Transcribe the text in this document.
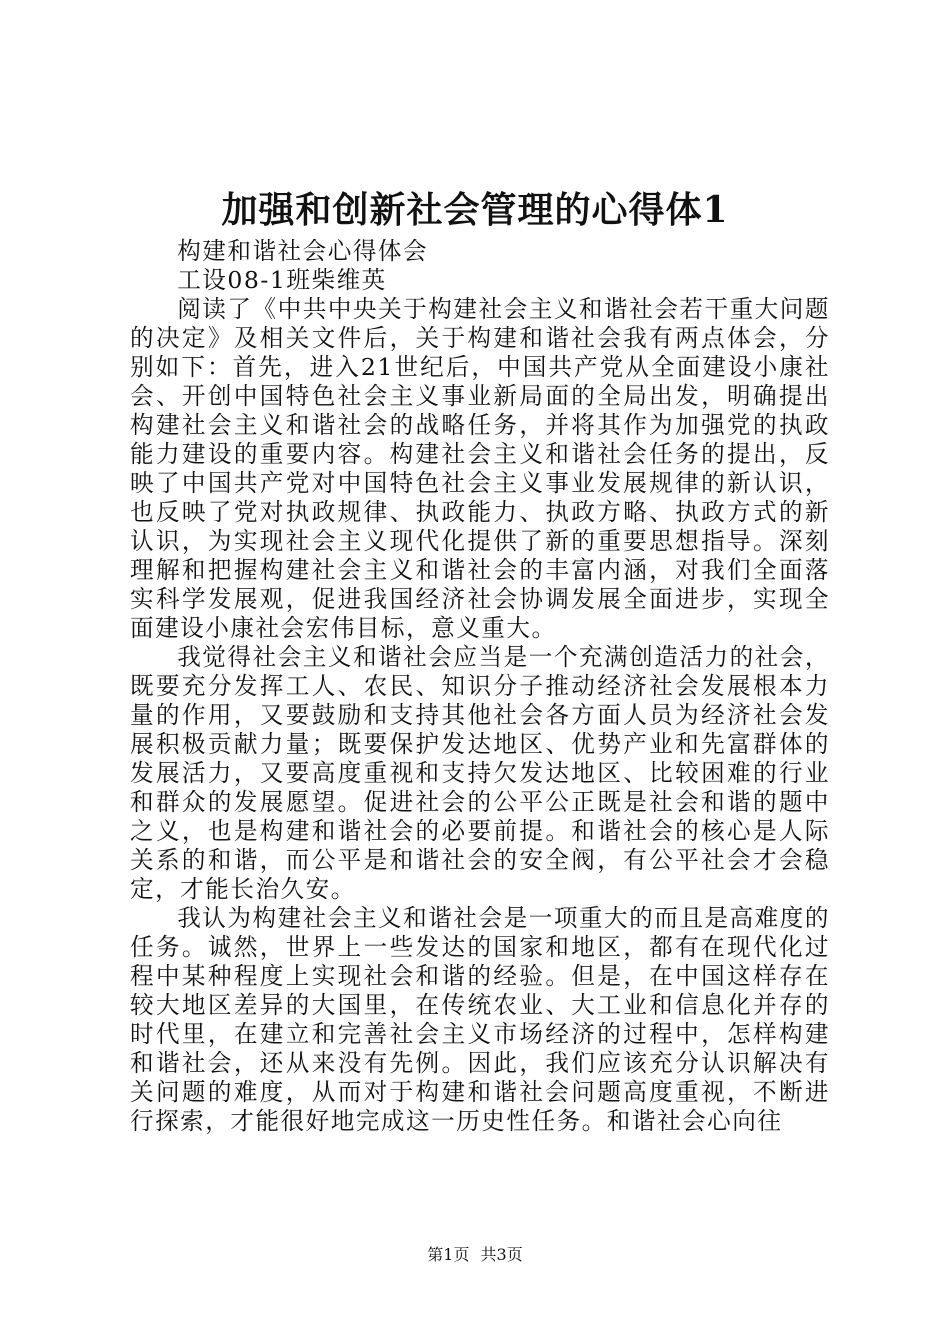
加强和创新社会管理的心得体1

构建和谐社会心得体会

工设08-1班柴维英

阅读了《中共中央关于构建社会主义和谐社会若干重大问题的决定》及相关文件后，关于构建和谐社会我有两点体会，分别如下：首先，进入21世纪后，中国共产党从全面建设小康社会、开创中国特色社会主义事业新局面的全局出发，明确提出构建社会主义和谐社会的战略任务，并将其作为加强党的执政能力建设的重要内容。构建社会主义和谐社会任务的提出，反映了中国共产党对中国特色社会主义事业发展规律的新认识，也反映了党对执政规律、执政能力、执政方略、执政方式的新认识，为实现社会主义现代化提供了新的重要思想指导。深刻理解和把握构建社会主义和谐社会的丰富内涵，对我们全面落实科学发展观，促进我国经济社会协调发展全面进步，实现全面建设小康社会宏伟目标，意义重大。

我觉得社会主义和谐社会应当是一个充满创造活力的社会，既要充分发挥工人、农民、知识分子推动经济社会发展根本力量的作用，又要鼓励和支持其他社会各方面人员为经济社会发展积极贡献力量；既要保护发达地区、优势产业和先富群体的发展活力，又要高度重视和支持欠发达地区、比较困难的行业和群众的发展愿望。促进社会的公平公正既是社会和谐的题中之义，也是构建和谐社会的必要前提。和谐社会的核心是人际关系的和谐，而公平是和谐社会的安全阀，有公平社会才会稳定，才能长治久安。

我认为构建社会主义和谐社会是一项重大的而且是高难度的任务。诚然，世界上一些发达的国家和地区，都有在现代化过程中某种程度上实现社会和谐的经验。但是，在中国这样存在较大地区差异的大国里，在传统农业、大工业和信息化并存的时代里，在建立和完善社会主义市场经济的过程中，怎样构建和谐社会，还从来没有先例。因此，我们应该充分认识解决有关问题的难度，从而对于构建和谐社会问题高度重视，不断进行探索，才能很好地完成这一历史性任务。和谐社会心向往

第1页 共3页
